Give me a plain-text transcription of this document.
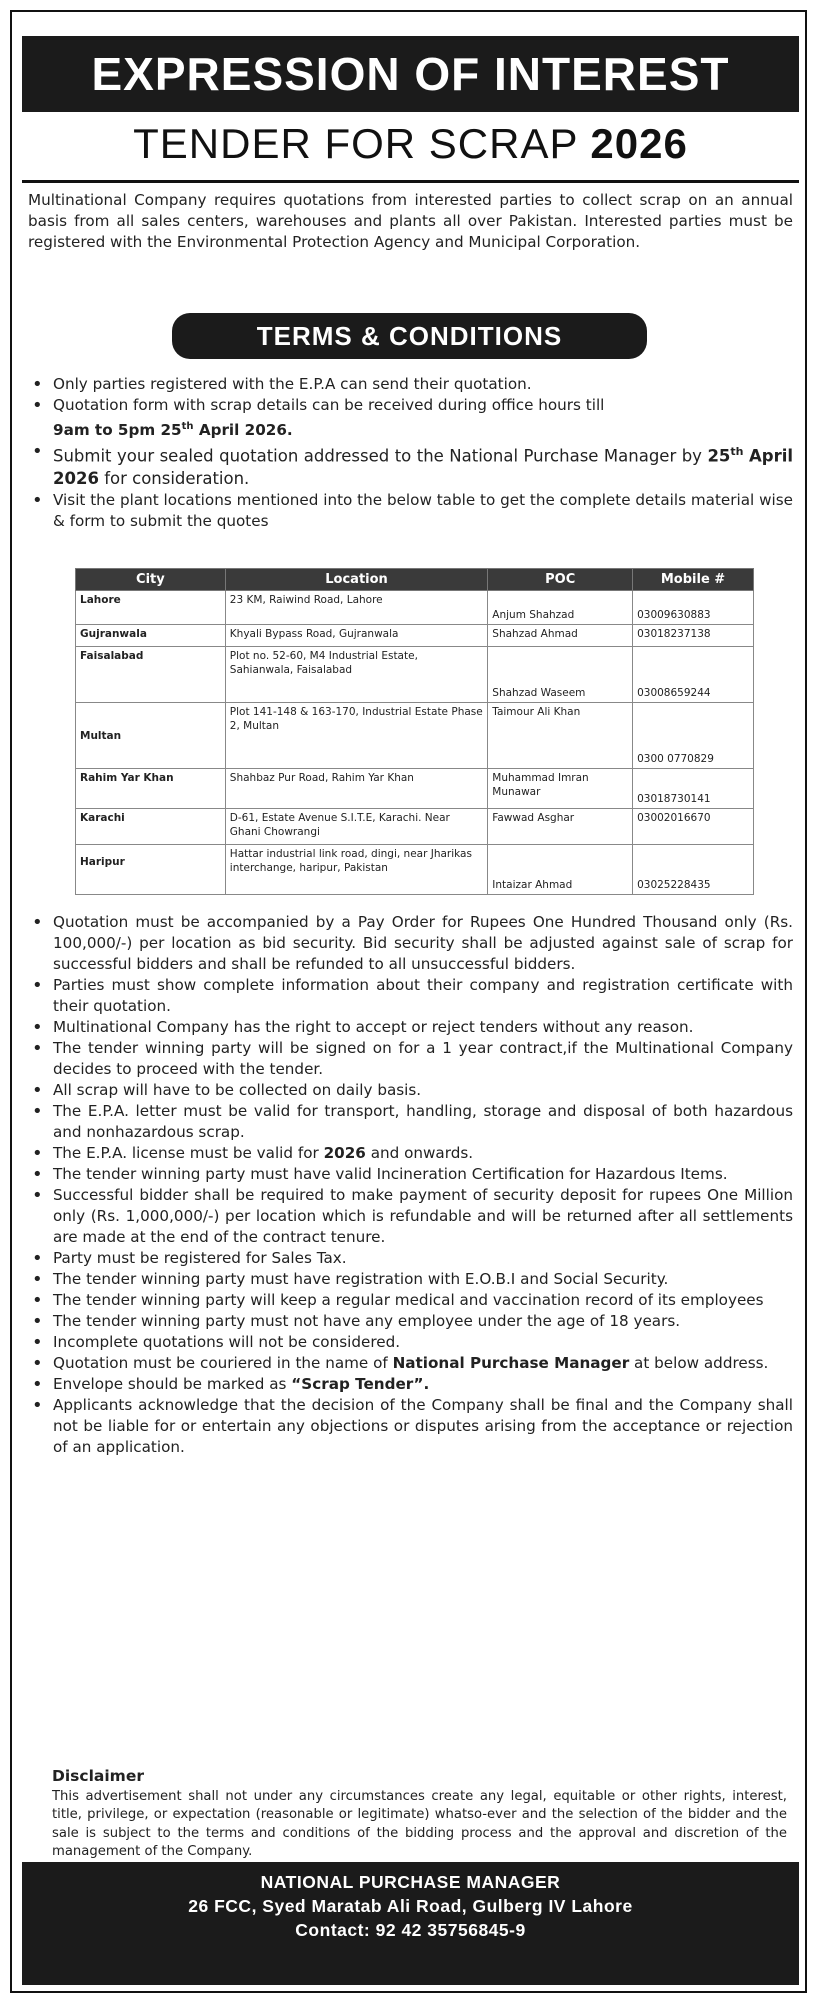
EXPRESSION OF INTEREST
TENDER FOR SCRAP 2026

Multinational Company requires quotations from interested parties to collect scrap on an annual basis from all sales centers, warehouses and plants all over Pakistan. Interested parties must be registered with the Environmental Protection Agency and Municipal Corporation.

TERMS & CONDITIONS
• Only parties registered with the E.P.A can send their quotation.
• Quotation form with scrap details can be received during office hours till
9am to 5pm 25th April 2026.
• Submit your sealed quotation addressed to the National Purchase Manager by 25th April 2026 for consideration.
• Visit the plant locations mentioned into the below table to get the complete details material wise & form to submit the quotes
City	Location	POC	Mobile #
Lahore	23 KM, Raiwind Road, Lahore	Anjum Shahzad	03009630883
Gujranwala	Khyali Bypass Road, Gujranwala	Shahzad Ahmad	03018237138
Faisalabad	Plot no. 52-60, M4 Industrial Estate, Sahianwala, Faisalabad	Shahzad Waseem	03008659244
Multan	Plot 141-148 & 163-170, Industrial Estate Phase 2, Multan	Taimour Ali Khan	0300 0770829
Rahim Yar Khan	Shahbaz Pur Road, Rahim Yar Khan	Muhammad Imran Munawar	03018730141
Karachi	D-61, Estate Avenue S.I.T.E, Karachi. Near Ghani Chowrangi	Fawwad Asghar	03002016670
Haripur	Hattar industrial link road, dingi, near Jharikas interchange, haripur, Pakistan	Intaizar Ahmad	03025228435
• Quotation must be accompanied by a Pay Order for Rupees One Hundred Thousand only (Rs. 100,000/-) per location as bid security. Bid security shall be adjusted against sale of scrap for successful bidders and shall be refunded to all unsuccessful bidders.
• Parties must show complete information about their company and registration certificate with their quotation.
• Multinational Company has the right to accept or reject tenders without any reason.
• The tender winning party will be signed on for a 1 year contract,if the Multinational Company decides to proceed with the tender.
• All scrap will have to be collected on daily basis.
• The E.P.A. letter must be valid for transport, handling, storage and disposal of both hazardous and nonhazardous scrap.
• The E.P.A. license must be valid for 2026 and onwards.
• The tender winning party must have valid Incineration Certification for Hazardous Items.
• Successful bidder shall be required to make payment of security deposit for rupees One Million only (Rs. 1,000,000/-) per location which is refundable and will be returned after all settlements are made at the end of the contract tenure.
• Party must be registered for Sales Tax.
• The tender winning party must have registration with E.O.B.I and Social Security.
• The tender winning party will keep a regular medical and vaccination record of its employees
• The tender winning party must not have any employee under the age of 18 years.
• Incomplete quotations will not be considered.
• Quotation must be couriered in the name of National Purchase Manager at below address.
• Envelope should be marked as “Scrap Tender”.
• Applicants acknowledge that the decision of the Company shall be final and the Company shall not be liable for or entertain any objections or disputes arising from the acceptance or rejection of an application.
Disclaimer

This advertisement shall not under any circumstances create any legal, equitable or other rights, interest, title, privilege, or expectation (reasonable or legitimate) whatso-ever and the selection of the bidder and the sale is subject to the terms and conditions of the bidding process and the approval and discretion of the management of the Company.

NATIONAL PURCHASE MANAGER
26 FCC, Syed Maratab Ali Road, Gulberg IV Lahore
Contact: 92 42 35756845-9
